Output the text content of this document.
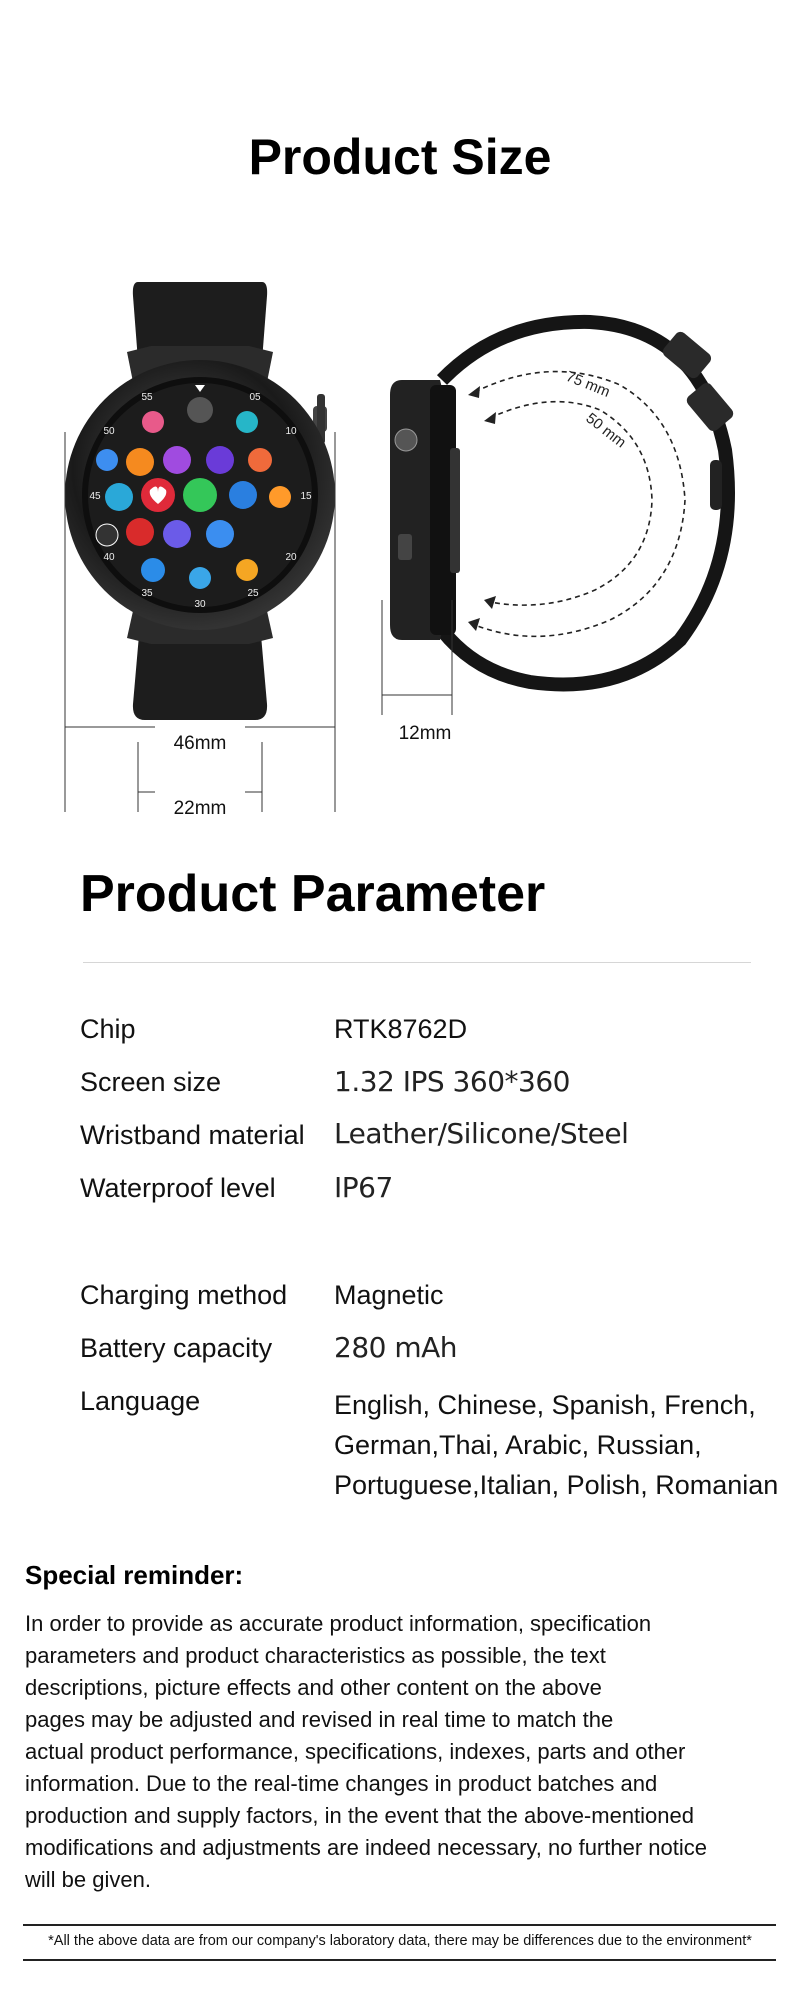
Product Size
55	05
10
15
20
25
30
35
40
45
50
46mm
22mm
75 mm
50 mm
12mm
Product Parameter
Chip	RTK8762D
Screen size	1.32 IPS 360*360
Wristband material Leather/Silicone/Steel
Waterproof level IP67
Charging method Magnetic
Battery capacity 280 mAh
Language	English, Chinese, Spanish, French,
German,Thai, Arabic, Russian,
Portuguese,Italian, Polish, Romanian
Special reminder:
In order to provide as accurate product information, specification
parameters and product characteristics as possible, the text
descriptions, picture effects and other content on the above
pages may be adjusted and revised in real time to match the
actual product performance, specifications, indexes, parts and other
information. Due to the real-time changes in product batches and
production and supply factors, in the event that the above-mentioned
modifications and adjustments are indeed necessary, no further notice
will be given.
*All the above data are from our company's laboratory data, there may be differences due to the environment*
